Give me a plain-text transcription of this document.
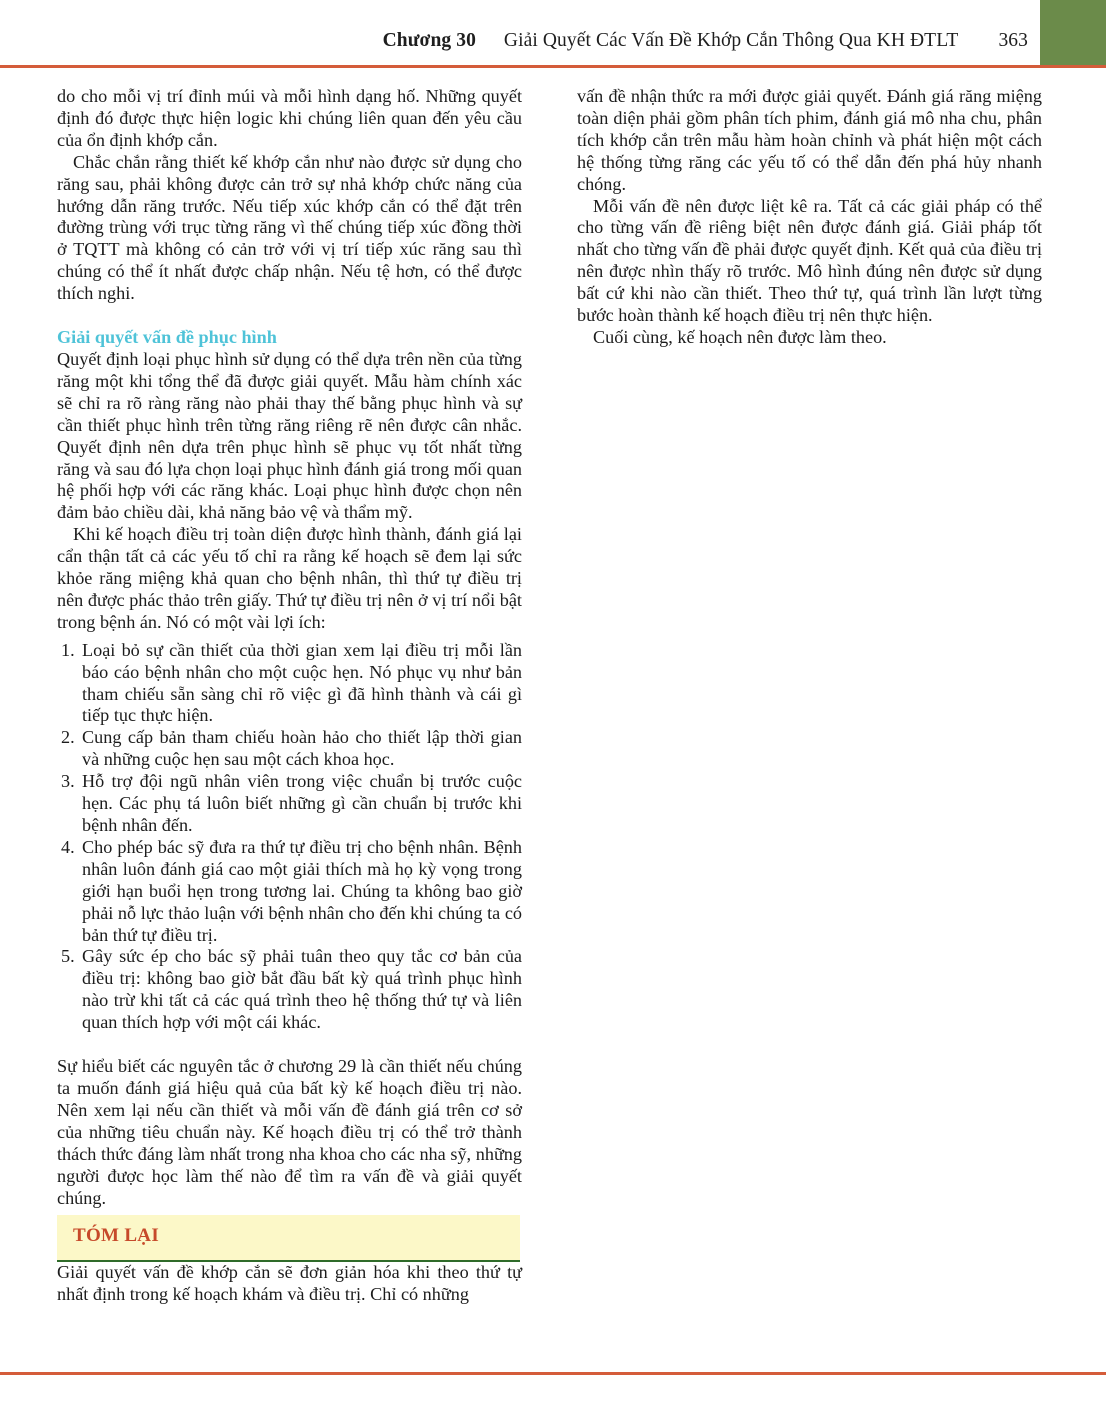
Chương 30 Giải Quyết Các Vấn Đề Khớp Cắn Thông Qua KH ĐTLT 363

do cho mỗi vị trí đỉnh múi và mỗi hình dạng hố. Những quyết định đó được thực hiện logic khi chúng liên quan đến yêu cầu của ổn định khớp cắn.

Chắc chắn rằng thiết kế khớp cắn như nào được sử dụng cho răng sau, phải không được cản trở sự nhả khớp chức năng của hướng dẫn răng trước. Nếu tiếp xúc khớp cắn có thể đặt trên đường trùng với trục từng răng vì thế chúng tiếp xúc đồng thời ở TQTT mà không có cản trở với vị trí tiếp xúc răng sau thì chúng có thể ít nhất được chấp nhận. Nếu tệ hơn, có thể được thích nghi.

Giải quyết vấn đề phục hình

Quyết định loại phục hình sử dụng có thể dựa trên nền của từng răng một khi tổng thể đã được giải quyết. Mẫu hàm chính xác sẽ chỉ ra rõ ràng răng nào phải thay thế bằng phục hình và sự cần thiết phục hình trên từng răng riêng rẽ nên được cân nhắc. Quyết định nên dựa trên phục hình sẽ phục vụ tốt nhất từng răng và sau đó lựa chọn loại phục hình đánh giá trong mối quan hệ phối hợp với các răng khác. Loại phục hình được chọn nên đảm bảo chiều dài, khả năng bảo vệ và thẩm mỹ.

Khi kế hoạch điều trị toàn diện được hình thành, đánh giá lại cẩn thận tất cả các yếu tố chỉ ra rằng kế hoạch sẽ đem lại sức khỏe răng miệng khả quan cho bệnh nhân, thì thứ tự điều trị nên được phác thảo trên giấy. Thứ tự điều trị nên ở vị trí nổi bật trong bệnh án. Nó có một vài lợi ích:

1. Loại bỏ sự cần thiết của thời gian xem lại điều trị mỗi lần báo cáo bệnh nhân cho một cuộc hẹn. Nó phục vụ như bản tham chiếu sẵn sàng chỉ rõ việc gì đã hình thành và cái gì tiếp tục thực hiện.
2. Cung cấp bản tham chiếu hoàn hảo cho thiết lập thời gian và những cuộc hẹn sau một cách khoa học.
3. Hỗ trợ đội ngũ nhân viên trong việc chuẩn bị trước cuộc hẹn. Các phụ tá luôn biết những gì cần chuẩn bị trước khi bệnh nhân đến.
4. Cho phép bác sỹ đưa ra thứ tự điều trị cho bệnh nhân. Bệnh nhân luôn đánh giá cao một giải thích mà họ kỳ vọng trong giới hạn buổi hẹn trong tương lai. Chúng ta không bao giờ phải nỗ lực thảo luận với bệnh nhân cho đến khi chúng ta có bản thứ tự điều trị.
5. Gây sức ép cho bác sỹ phải tuân theo quy tắc cơ bản của điều trị: không bao giờ bắt đầu bất kỳ quá trình phục hình nào trừ khi tất cả các quá trình theo hệ thống thứ tự và liên quan thích hợp với một cái khác.

Sự hiểu biết các nguyên tắc ở chương 29 là cần thiết nếu chúng ta muốn đánh giá hiệu quả của bất kỳ kế hoạch điều trị nào. Nên xem lại nếu cần thiết và mỗi vấn đề đánh giá trên cơ sở của những tiêu chuẩn này. Kế hoạch điều trị có thể trở thành thách thức đáng làm nhất trong nha khoa cho các nha sỹ, những người được học làm thế nào để tìm ra vấn đề và giải quyết chúng.

TÓM LẠI

Giải quyết vấn đề khớp cắn sẽ đơn giản hóa khi theo thứ tự nhất định trong kế hoạch khám và điều trị. Chỉ có những

vấn đề nhận thức ra mới được giải quyết. Đánh giá răng miệng toàn diện phải gồm phân tích phim, đánh giá mô nha chu, phân tích khớp cắn trên mẫu hàm hoàn chỉnh và phát hiện một cách hệ thống từng răng các yếu tố có thể dẫn đến phá hủy nhanh chóng.

Mỗi vấn đề nên được liệt kê ra. Tất cả các giải pháp có thể cho từng vấn đề riêng biệt nên được đánh giá. Giải pháp tốt nhất cho từng vấn đề phải được quyết định. Kết quả của điều trị nên được nhìn thấy rõ trước. Mô hình đúng nên được sử dụng bất cứ khi nào cần thiết. Theo thứ tự, quá trình lần lượt từng bước hoàn thành kế hoạch điều trị nên thực hiện.

Cuối cùng, kế hoạch nên được làm theo.
